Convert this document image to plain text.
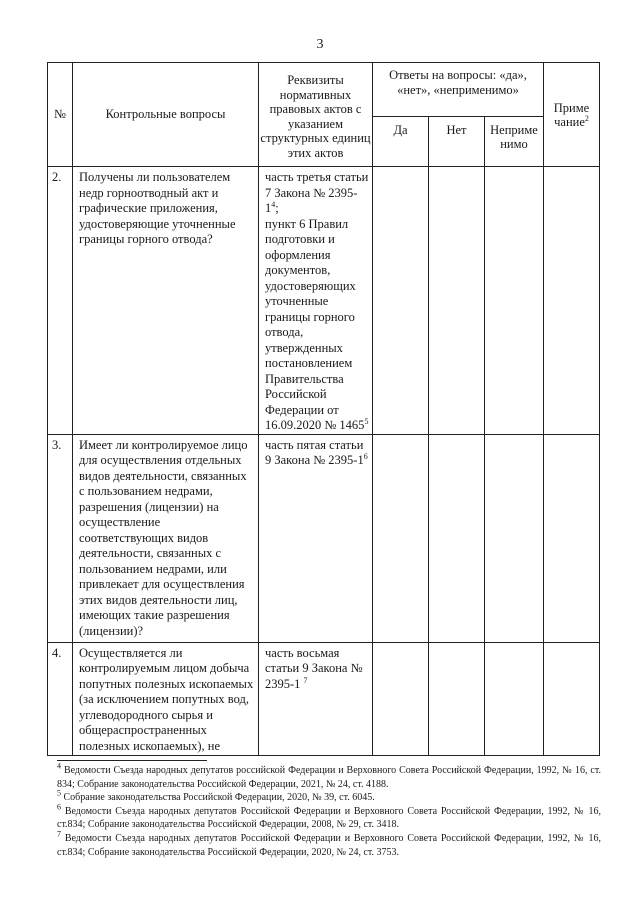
3
№	Контрольные вопросы	Реквизиты нормативных правовых актов с указанием структурных единиц этих актов	Ответы на вопросы: «да», «нет», «неприменимо»			Приме чание$^2$
			Да	Нет	Неприме нимо	
2.	Получены ли пользователем недр горноотводный акт и графические приложения, удостоверяющие уточненные границы горного отвода?	часть третья статьи 7 Закона № $2395-1^4$;
пункт 6 Правил подготовки и оформления документов, удостоверяющих уточненные границы горного отвода, утвержденных постановлением Правительства Российской Федерации от 16.09.2020 № 1465$^5$				
3.	Имеет ли контролируемое лицо для осуществления отдельных видов деятельности, связанных с пользованием недрами, разрешения (лицензии) на осуществление соответствующих видов деятельности, связанных с пользованием недрами, или привлекает для осуществления этих видов деятельности лиц, имеющих такие разрешения (лицензии)?	часть пятая статьи 9 Закона № $2395-1^6$				
4.	Осуществляется ли контролируемым лицом добыча попутных полезных ископаемых (за исключением попутных вод, углеводородного сырья и общераспространенных полезных ископаемых), не	часть восьмая статьи 9 Закона № 2395-1 $^7$				

$^4$ Ведомости Съезда народных депутатов российской Федерации и Верховного Совета Российской Федерации, 1992, № 16, ст. 834; Собрание законодательства Российской Федерации, 2021, № 24, ст. 4188.

$^5$ Собрание законодательства Российской Федерации, 2020, № 39, ст. 6045.

$^6$ Ведомости Съезда народных депутатов Российской Федерации и Верховного Совета Российской Федерации, 1992, № 16, ст.834; Собрание законодательства Российской Федерации, 2008, № 29, ст. 3418.

$^7$ Ведомости Съезда народных депутатов Российской Федерации и Верховного Совета Российской Федерации, 1992, № 16, ст.834; Собрание законодательства Российской Федерации, 2020, № 24, ст. 3753.
